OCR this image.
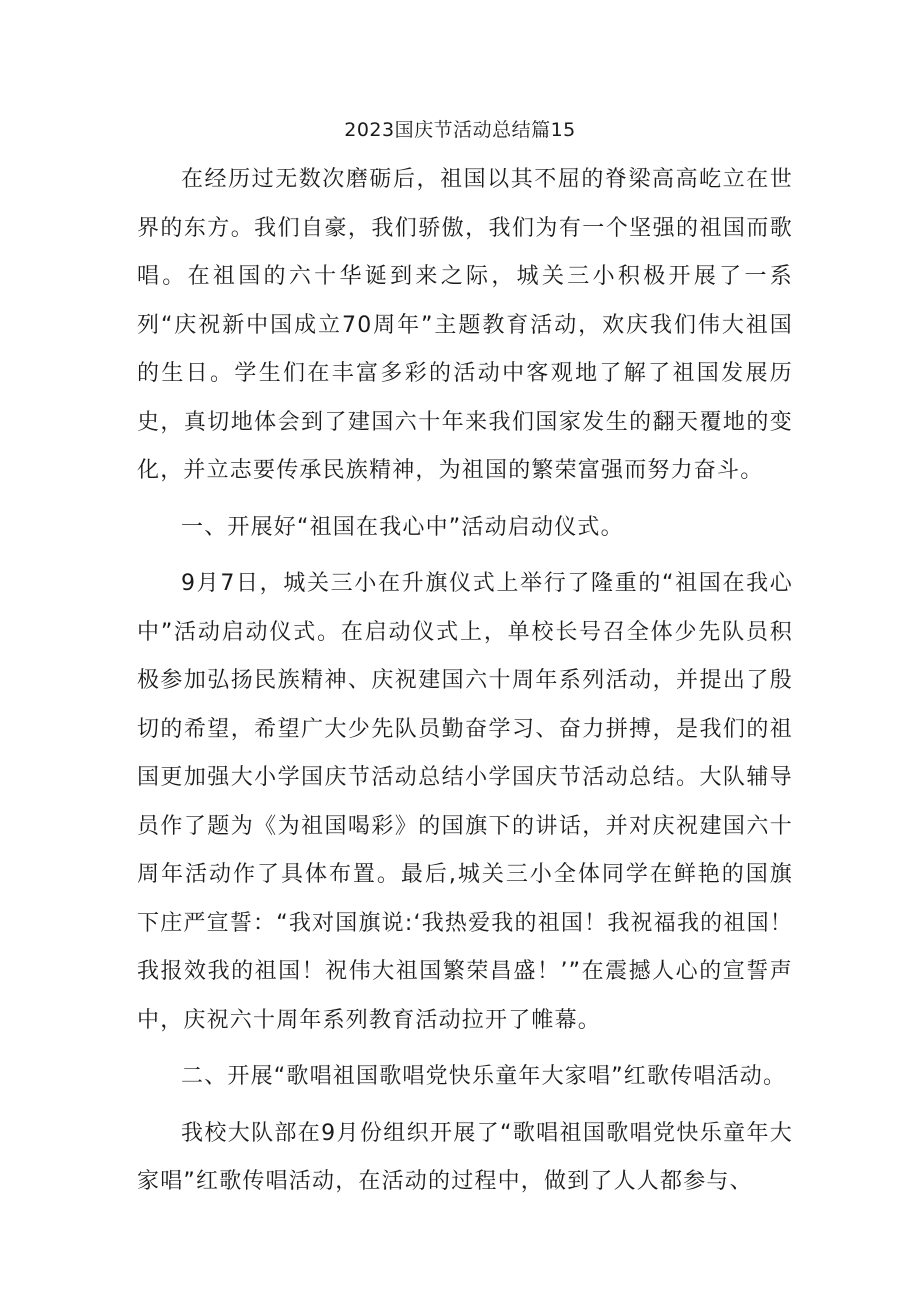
2023国庆节活动总结篇15

在经历过无数次磨砺后，祖国以其不屈的脊梁高高屹立在世界的东方。我们自豪，我们骄傲，我们为有一个坚强的祖国而歌唱。在祖国的六十华诞到来之际，城关三小积极开展了一系列“庆祝新中国成立70周年”主题教育活动，欢庆我们伟大祖国的生日。学生们在丰富多彩的活动中客观地了解了祖国发展历史，真切地体会到了建国六十年来我们国家发生的翻天覆地的变化，并立志要传承民族精神，为祖国的繁荣富强而努力奋斗。

一、开展好“祖国在我心中”活动启动仪式。

9月7日，城关三小在升旗仪式上举行了隆重的“祖国在我心中”活动启动仪式。在启动仪式上，单校长号召全体少先队员积极参加弘扬民族精神、庆祝建国六十周年系列活动，并提出了殷切的希望，希望广大少先队员勤奋学习、奋力拼搏，是我们的祖国更加强大小学国庆节活动总结小学国庆节活动总结。大队辅导员作了题为《为祖国喝彩》的国旗下的讲话，并对庆祝建国六十周年活动作了具体布置。最后,城关三小全体同学在鲜艳的国旗下庄严宣誓：“我对国旗说:‘我热爱我的祖国！我祝福我的祖国！我报效我的祖国！祝伟大祖国繁荣昌盛！’”在震撼人心的宣誓声中，庆祝六十周年系列教育活动拉开了帷幕。

二、开展“歌唱祖国歌唱党快乐童年大家唱”红歌传唱活动。

我校大队部在9月份组织开展了“歌唱祖国歌唱党快乐童年大家唱”红歌传唱活动，在活动的过程中，做到了人人都参与、
